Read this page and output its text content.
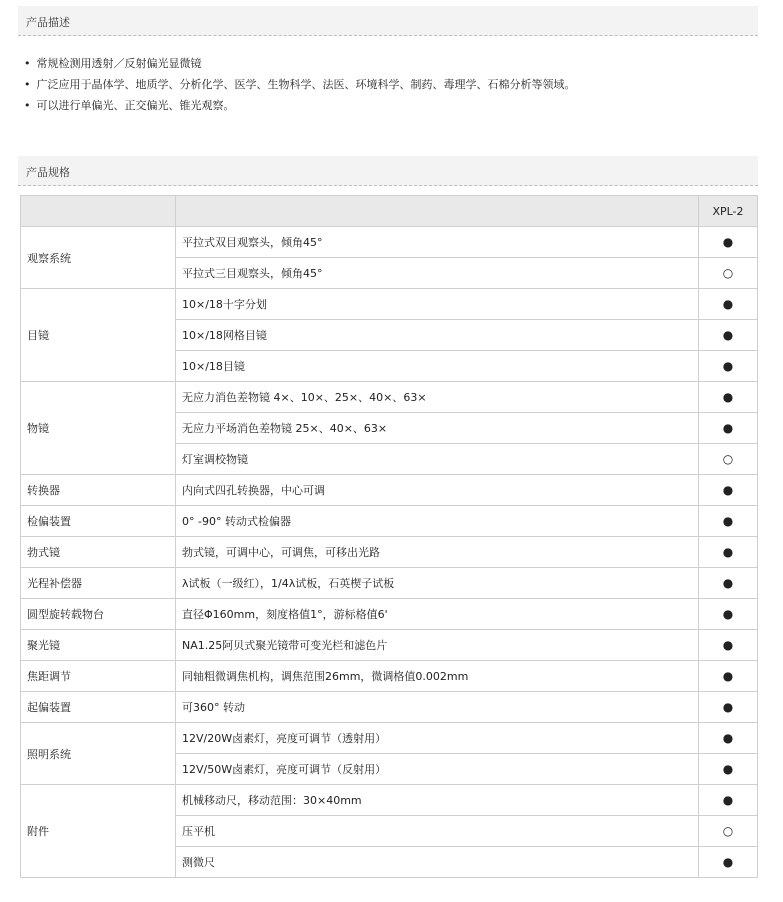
产品描述
• 常规检测用透射／反射偏光显微镜
• 广泛应用于晶体学、地质学、分析化学、医学、生物科学、法医、环境科学、制药、毒理学、石棉分析等领域。
• 可以进行单偏光、正交偏光、锥光观察。
产品规格
		XPL-2
观察系统	平拉式双目观察头，倾角45°	●
	平拉式三目观察头，倾角45°	○
目镜	10×/18十字分划	●
	10×/18网格目镜	●
	10×/18目镜	●
物镜	无应力消色差物镜 4×、10×、25×、40×、63×	●
	无应力平场消色差物镜 25×、40×、63×	●
	灯室调校物镜	○
转换器	内向式四孔转换器，中心可调	●
检偏装置	0° -90° 转动式检偏器	●
勃式镜	勃式镜，可调中心，可调焦，可移出光路	●
光程补偿器	λ试板（一级红），1/4λ试板，石英楔子试板	●
圆型旋转载物台	直径Φ160mm，刻度格值1°，游标格值6'	●
聚光镜	NA1.25阿贝式聚光镜带可变光栏和滤色片	●
焦距调节	同轴粗微调焦机构，调焦范围26mm，微调格值0.002mm	●
起偏装置	可360° 转动	●
照明系统	12V/20W卤素灯，亮度可调节（透射用）	●
	12V/50W卤素灯，亮度可调节（反射用）	●
附件	机械移动尺，移动范围：30×40mm	●
	压平机	○
	测微尺	●
